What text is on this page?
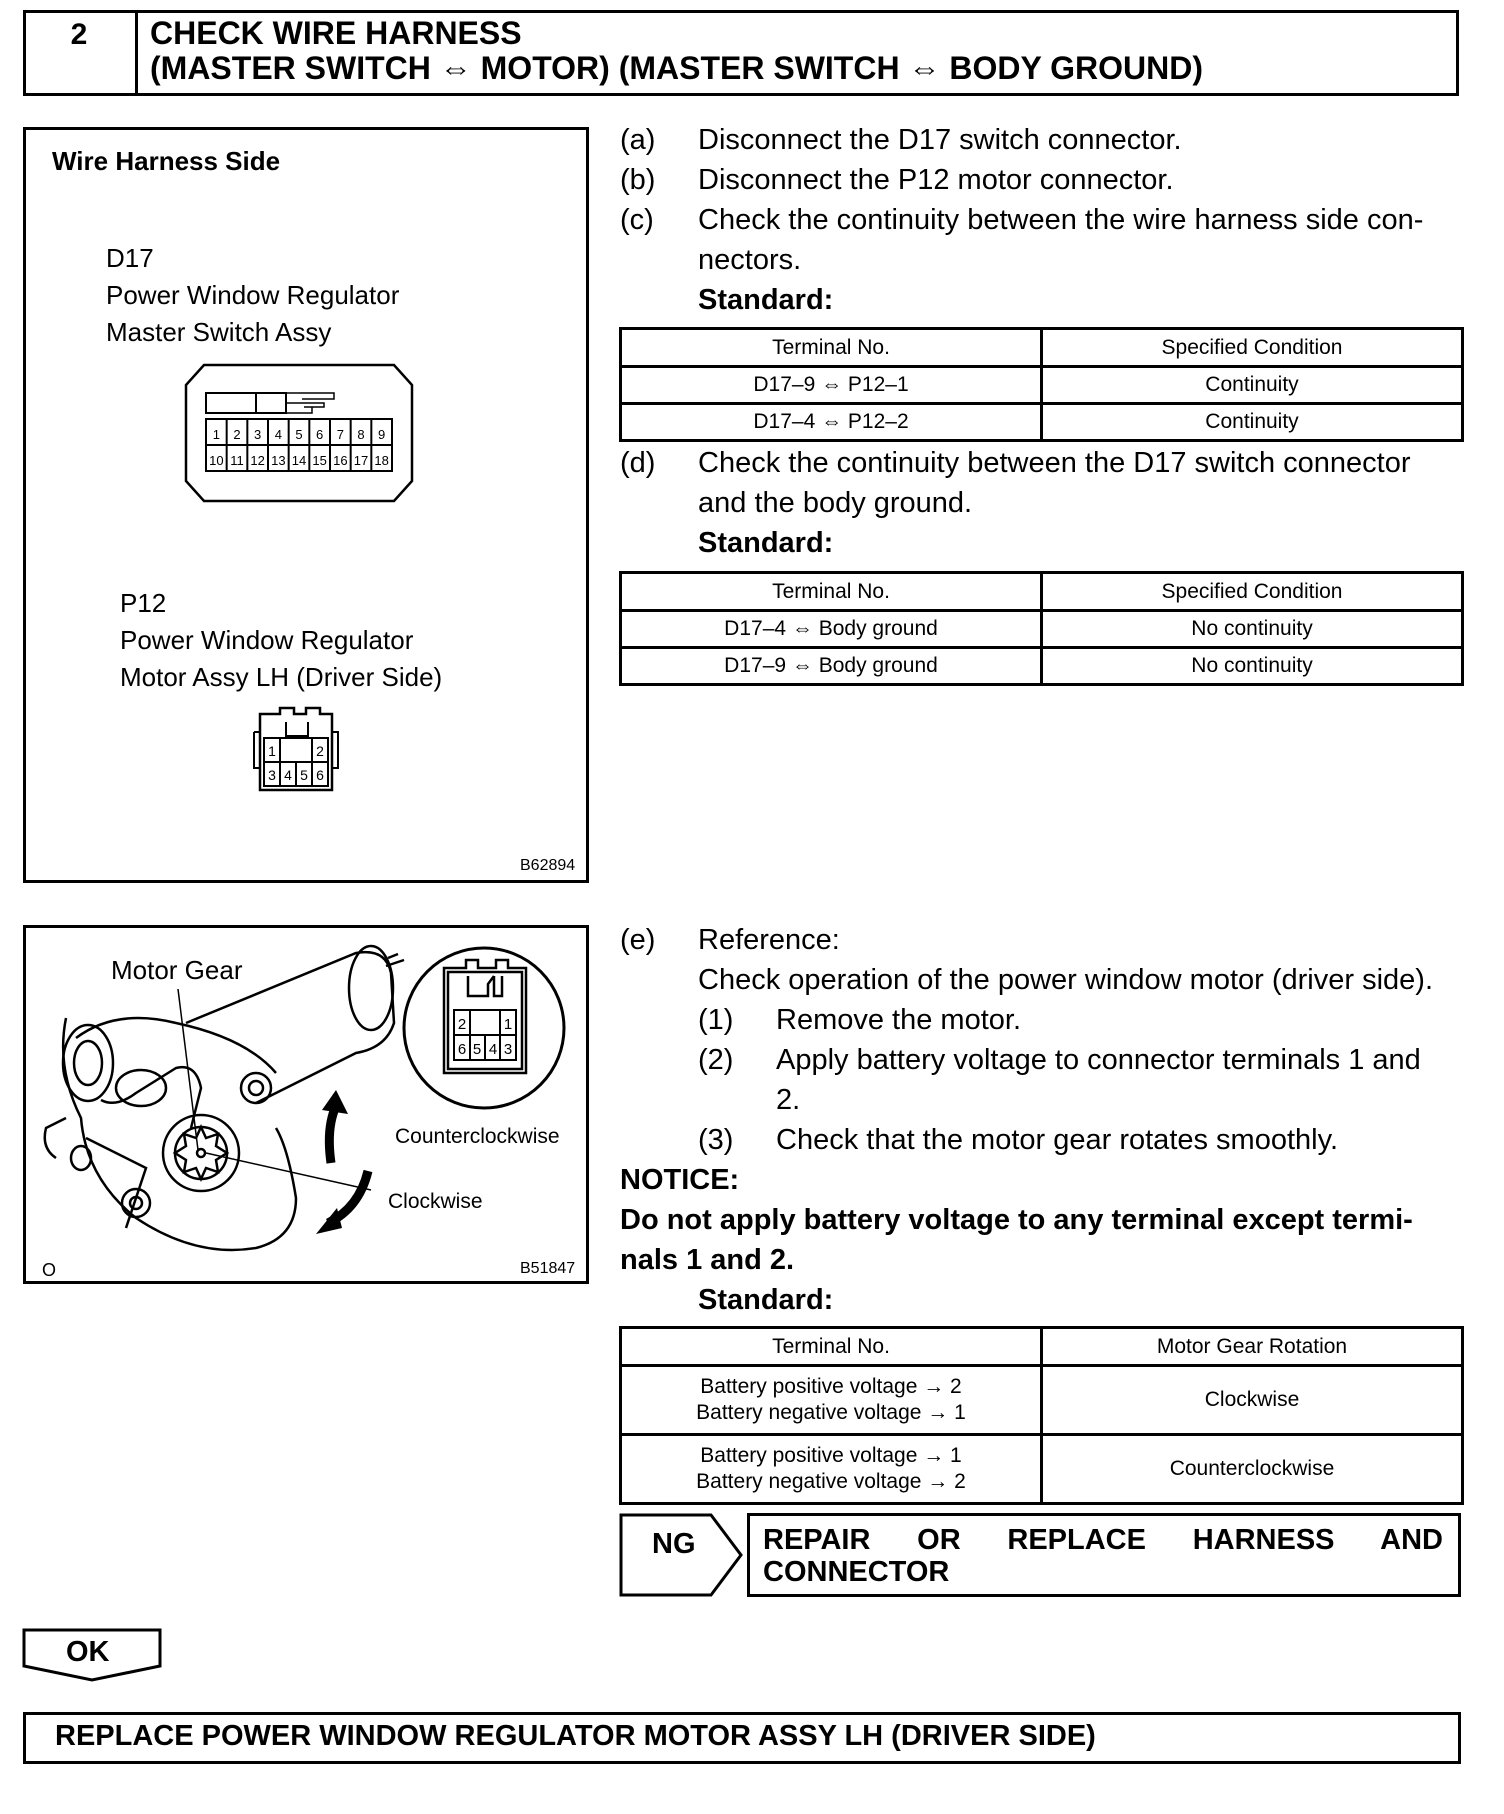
2	CHECK WIRE HARNESS
(MASTER SWITCH ⇔ MOTOR) (MASTER SWITCH ⇔ BODY GROUND)
Wire Harness Side
D17
Power Window Regulator
Master Switch Assy
1 2 3 4 5 6 7 8 9
10 11 12 13 14 15 16 17 18
P12
Power Window Regulator
Motor Assy LH (Driver Side)
1	2
3 4 5 6
B62894
(a) Disconnect the D17 switch connector.
(b) Disconnect the P12 motor connector.
(c) Check the continuity between the wire harness side con-
nectors.
Standard:
Terminal No.	Specified Condition
D17–9 ⇔ P12–1	Continuity
D17–4 ⇔ P12–2	Continuity
(d) Check the continuity between the D17 switch connector
and the body ground.
Standard:
Terminal No.	Specified Condition
D17–4 ⇔ Body ground	No continuity
D17–9 ⇔ Body ground	No continuity
2	1
6 5 4 3
Motor Gear
Counterclockwise
Clockwise
O	B51847
(e) Reference:
Check operation of the power window motor (driver side).
(1) Remove the motor.
(2) Apply battery voltage to connector terminals 1 and
2.
(3) Check that the motor gear rotates smoothly.
NOTICE:
Do not apply battery voltage to any terminal except termi-
nals 1 and 2.
Standard:
Terminal No.	Motor Gear Rotation

Battery positive voltage → 2
Battery negative voltage → 1	Clockwise

Battery positive voltage → 1
Battery negative voltage → 2	Counterclockwise
NG REPAIR OR REPLACE HARNESS AND
CONNECTOR
OK
REPLACE POWER WINDOW REGULATOR MOTOR ASSY LH (DRIVER SIDE)
